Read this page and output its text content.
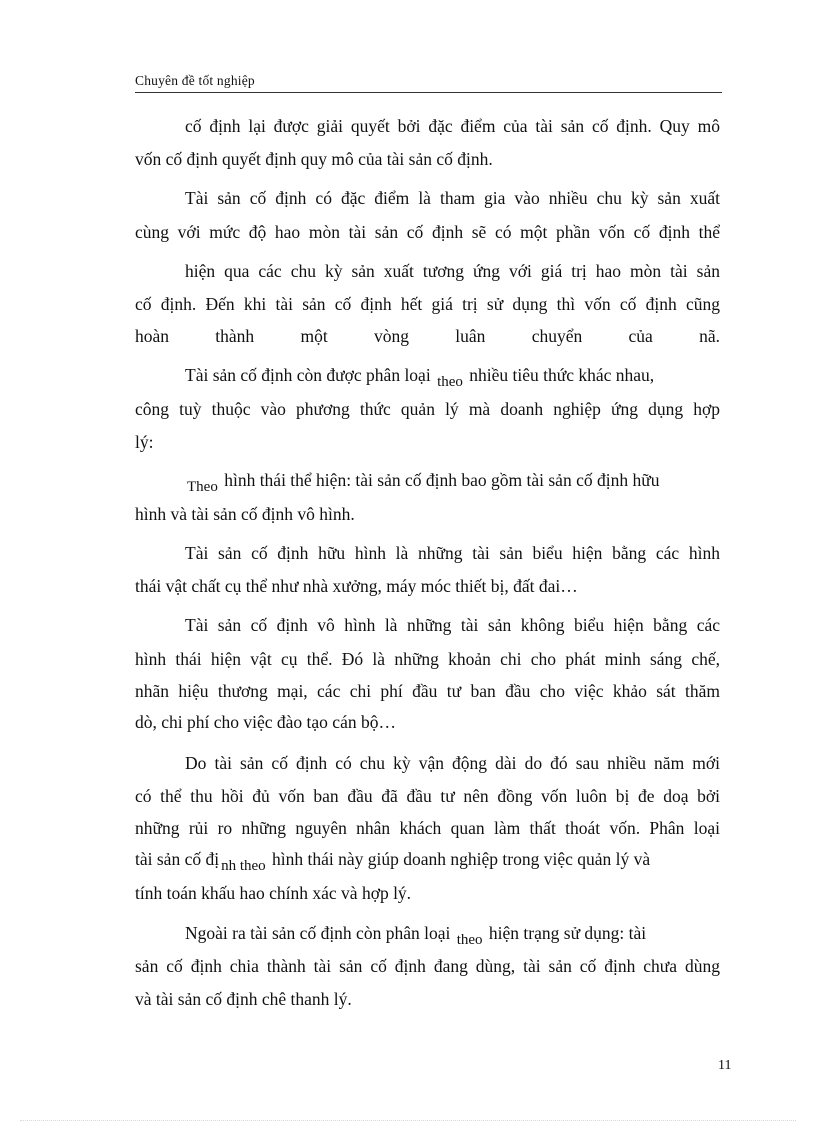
Chuyên đề tốt nghiệp
cố định lại được giải quyết bởi đặc điểm của tài sản cố định. Quy mô
vốn cố định quyết định quy mô của tài sản cố định.
Tài sản cố định có đặc điểm là tham gia vào nhiều chu kỳ sản xuất
cùng với mức độ hao mòn tài sản cố định sẽ có một phần vốn cố định thể
hiện qua các chu kỳ sản xuất tương ứng với giá trị hao mòn tài sản
cố định. Đến khi tài sản cố định hết giá trị sử dụng thì vốn cố định cũng
hoàn thành một vòng luân chuyển của nã.
Tài sản cố định còn được phân loại theo nhiều tiêu thức khác nhau,
công tuỳ thuộc vào phương thức quản lý mà doanh nghiệp ứng dụng hợp
lý:
Theo hình thái thể hiện: tài sản cố định bao gồm tài sản cố định hữu
hình và tài sản cố định vô hình.
Tài sản cố định hữu hình là những tài sản biểu hiện bằng các hình
thái vật chất cụ thể như nhà xưởng, máy móc thiết bị, đất đai…
Tài sản cố định vô hình là những tài sản không biểu hiện bằng các
hình thái hiện vật cụ thể. Đó là những khoản chi cho phát minh sáng chế,
nhãn hiệu thương mại, các chi phí đầu tư ban đầu cho việc khảo sát thăm
dò, chi phí cho việc đào tạo cán bộ…
Do tài sản cố định có chu kỳ vận động dài do đó sau nhiều năm mới
có thể thu hồi đủ vốn ban đầu đã đầu tư nên đồng vốn luôn bị đe doạ bởi
những rủi ro những nguyên nhân khách quan làm thất thoát vốn. Phân loại
tài sản cố đị nh theo hình thái này giúp doanh nghiệp trong việc quản lý và
tính toán khấu hao chính xác và hợp lý.
Ngoài ra tài sản cố định còn phân loại theo hiện trạng sử dụng: tài
sản cố định chia thành tài sản cố định đang dùng, tài sản cố định chưa dùng
và tài sản cố định chê thanh lý.
11
